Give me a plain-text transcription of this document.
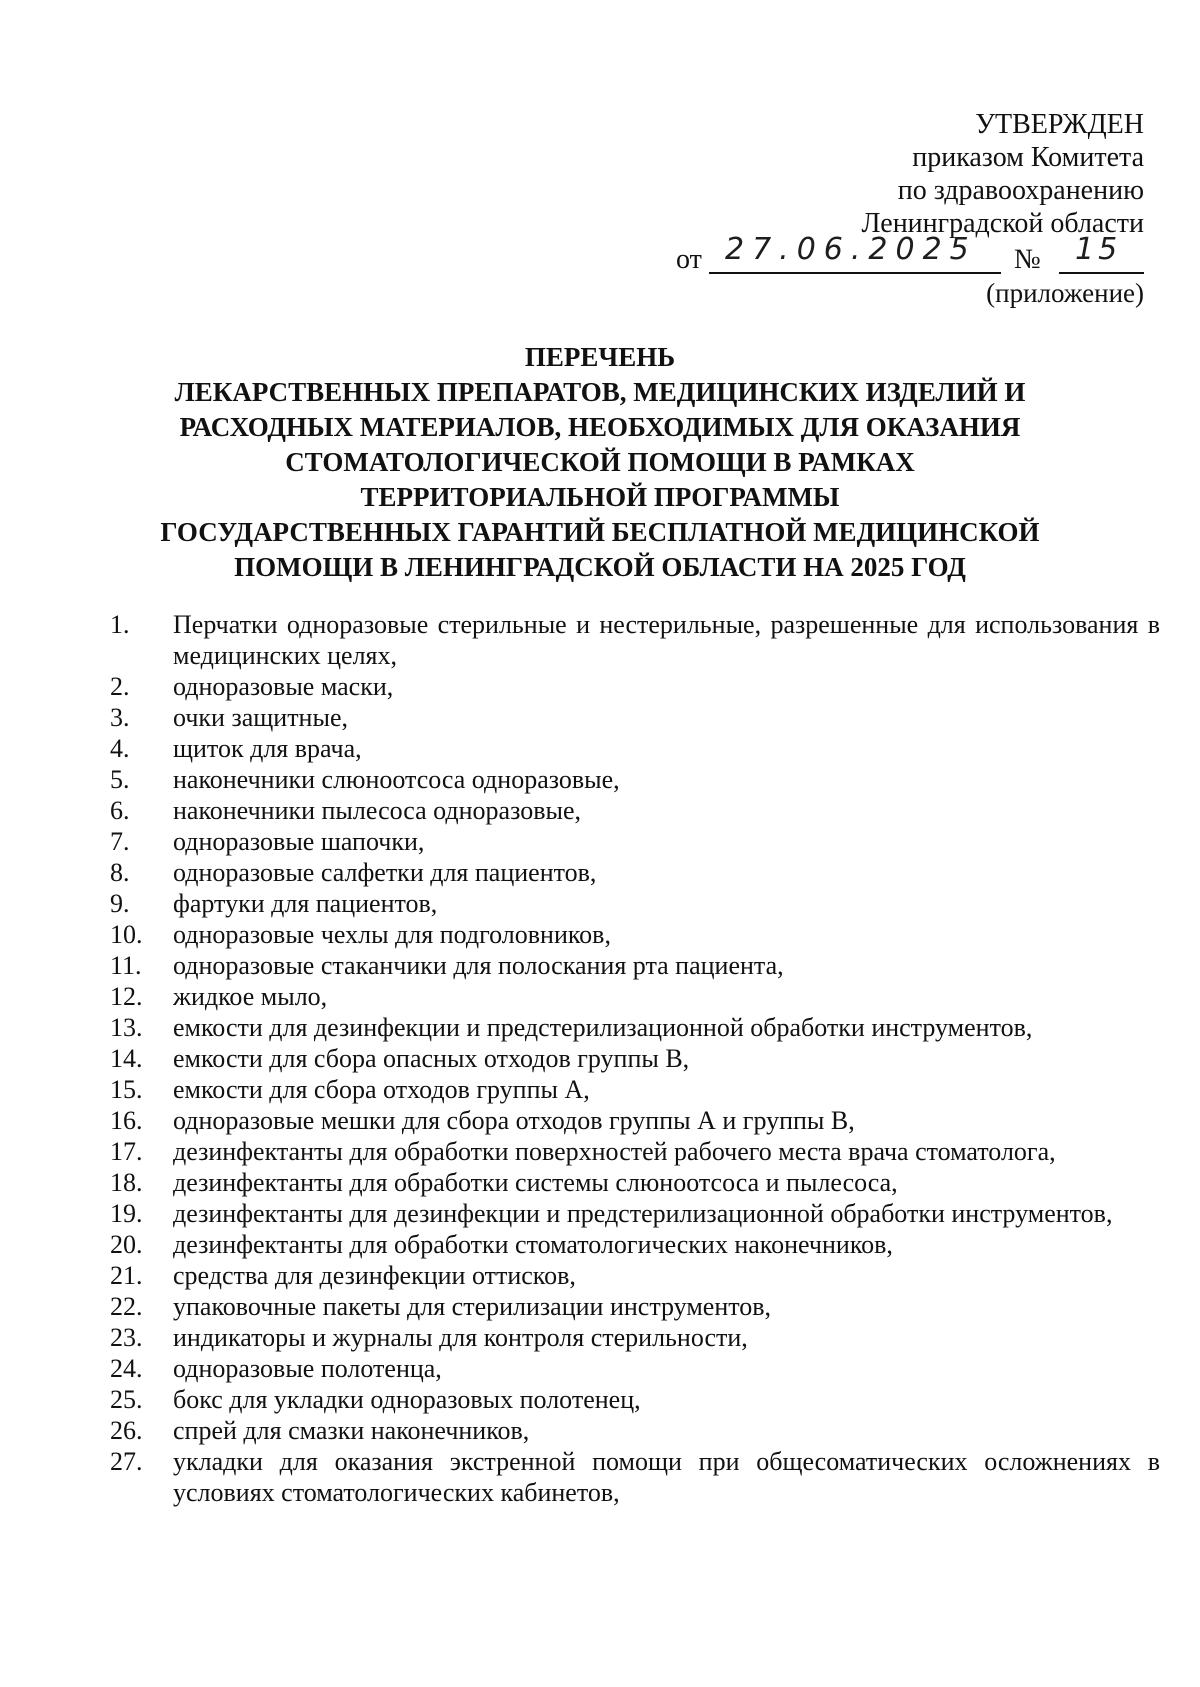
УТВЕРЖДЕН
приказом Комитета
по здравоохранению
Ленинградской области
от 27.06.2025 № 15
(приложение)
ПЕРЕЧЕНЬ
ЛЕКАРСТВЕННЫХ ПРЕПАРАТОВ, МЕДИЦИНСКИХ ИЗДЕЛИЙ И
РАСХОДНЫХ МАТЕРИАЛОВ, НЕОБХОДИМЫХ ДЛЯ ОКАЗАНИЯ
СТОМАТОЛОГИЧЕСКОЙ ПОМОЩИ В РАМКАХ
ТЕРРИТОРИАЛЬНОЙ ПРОГРАММЫ
ГОСУДАРСТВЕННЫХ ГАРАНТИЙ БЕСПЛАТНОЙ МЕДИЦИНСКОЙ
ПОМОЩИ В ЛЕНИНГРАДСКОЙ ОБЛАСТИ НА 2025 ГОД
1.	Перчатки одноразовые стерильные и нестерильные, разрешенные для использования в медицинских целях,
2.	одноразовые маски,
3.	очки защитные,
4.	щиток для врача,
5.	наконечники слюноотсоса одноразовые,
6.	наконечники пылесоса одноразовые,
7.	одноразовые шапочки,
8.	одноразовые салфетки для пациентов,
9.	фартуки для пациентов,
10.	одноразовые чехлы для подголовников,
11.	одноразовые стаканчики для полоскания рта пациента,
12.	жидкое мыло,
13.	емкости для дезинфекции и предстерилизационной обработки инструментов,
14.	емкости для сбора опасных отходов группы В,
15.	емкости для сбора отходов группы А,
16.	одноразовые мешки для сбора отходов группы А и группы В,
17.	дезинфектанты для обработки поверхностей рабочего места врача стоматолога,
18.	дезинфектанты для обработки системы слюноотсоса и пылесоса,
19.	дезинфектанты для дезинфекции и предстерилизационной обработки инструментов,
20.	дезинфектанты для обработки стоматологических наконечников,
21.	средства для дезинфекции оттисков,
22.	упаковочные пакеты для стерилизации инструментов,
23.	индикаторы и журналы для контроля стерильности,
24.	одноразовые полотенца,
25.	бокс для укладки одноразовых полотенец,
26.	спрей для смазки наконечников,
27.	укладки для оказания экстренной помощи при общесоматических осложнениях в условиях стоматологических кабинетов,
